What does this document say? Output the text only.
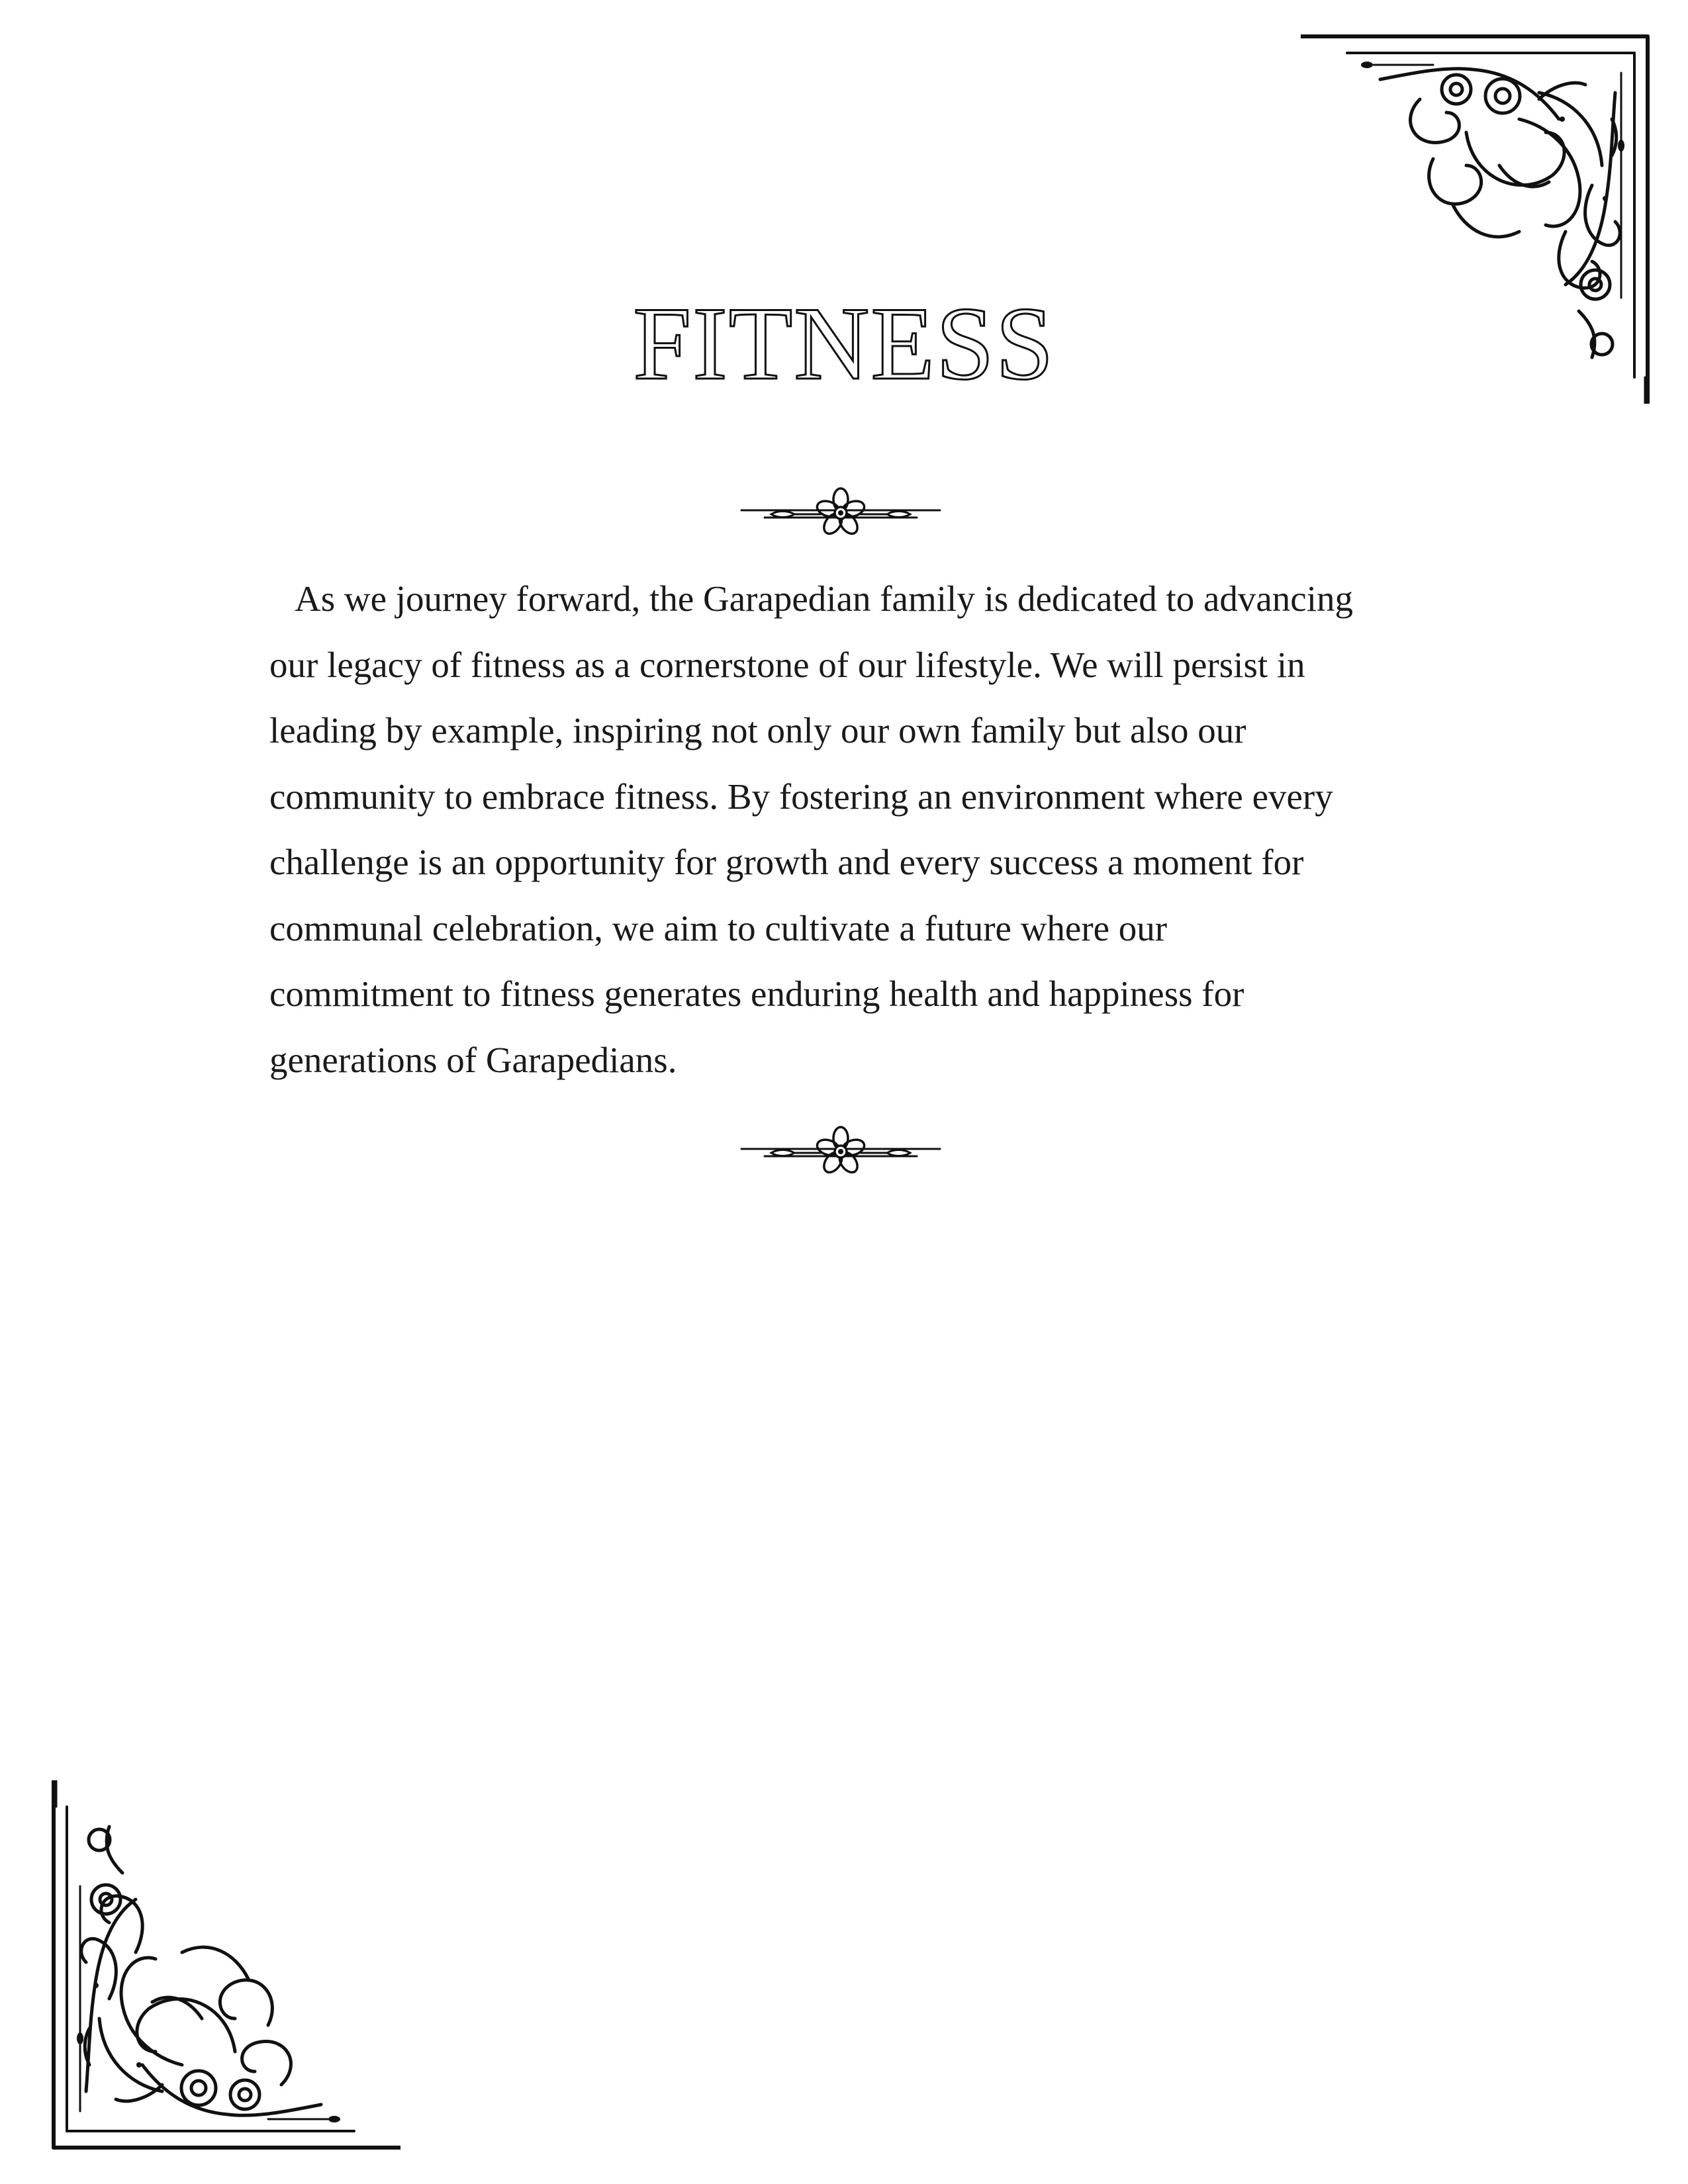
FITNESS

As we journey forward, the Garapedian family is dedicated to advancing
our legacy of fitness as a cornerstone of our lifestyle. We will persist in
leading by example, inspiring not only our own family but also our
community to embrace fitness. By fostering an environment where every
challenge is an opportunity for growth and every success a moment for
communal celebration, we aim to cultivate a future where our
commitment to fitness generates enduring health and happiness for
generations of Garapedians.
